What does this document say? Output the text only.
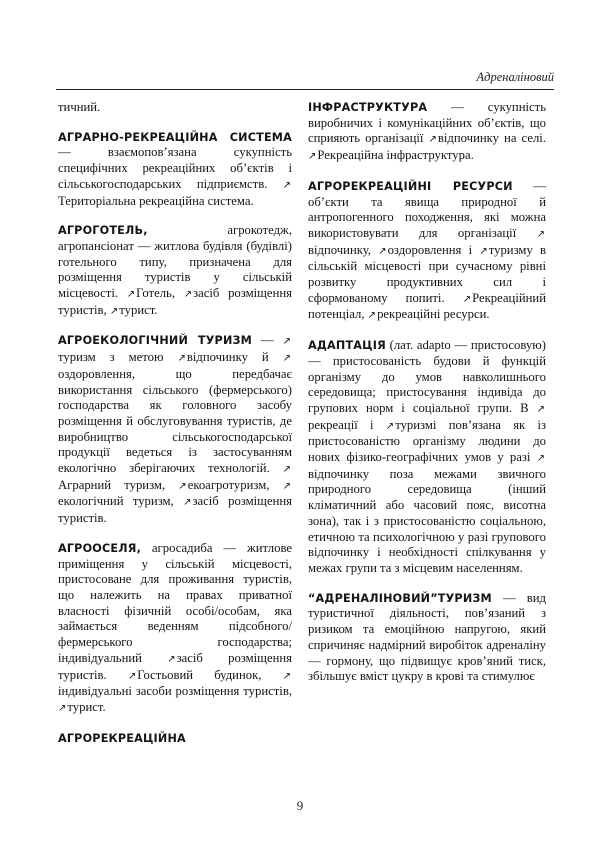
Адреналіновий

тичний.

АГРАРНО-РЕКРЕАЦІЙНА СИСТЕМА — взаємопов’язана сукупність специфічних рекреаційних об’єктів і сільськогосподарських підприємств. ↗Територіальна рекреаційна система.

АГРОГОТЕЛЬ, агрокотедж, агропансіонат — житлова будівля (будівлі) готельного типу, призначена для розміщення туристів у сільській місцевості. ↗Готель, ↗засіб розміщення туристів, ↗турист.

АГРОЕКОЛОГІЧНИЙ ТУРИЗМ — ↗туризм з метою ↗відпочинку й ↗оздоровлення, що передбачає використання сільського (фермерського) господарства як головного засобу розміщення й обслуговування туристів, де виробництво сільськогосподарської продукції ведеться із застосуванням екологічно зберігаючих технологій. ↗Аграрний туризм, ↗екоагротуризм, ↗екологічний туризм, ↗засіб розміщення туристів.

АГРООСЕЛЯ, агросадиба — житлове приміщення у сільській місцевості, пристосоване для проживання туристів, що належить на правах приватної власності фізичній особі/особам, яка займається веденням підсобного/фермерського господарства; індивідуальний ↗засіб розміщення туристів. ↗Гостьовий будинок, ↗індивідуальні засоби розміщення туристів, ↗турист.

АГРОРЕКРЕАЦІЙНА

ІНФРАСТРУКТУРА — сукупність виробничих і комунікаційних об’єктів, що сприяють організації ↗відпочинку на селі. ↗Рекреаційна інфраструктура.

АГРОРЕКРЕАЦІЙНІ РЕСУРСИ — об’єкти та явища природної й антропогенного походження, які можна використовувати для організації ↗відпочинку, ↗оздоровлення і ↗туризму в сільській місцевості при сучасному рівні розвитку продуктивних сил і сформованому попиті. ↗Рекреаційний потенціал, ↗рекреаційні ресурси.

АДАПТАЦІЯ (лат. adapto — пристосовую) — пристосованість будови й функцій організму до умов навколишнього середовища; пристосування індивіда до групових норм і соціальної групи. В ↗рекреації і ↗туризмі пов’язана як із пристосованістю організму людини до нових фізико-географічних умов у разі ↗відпочинку поза межами звичного природного середовища (інший кліматичний або часовий пояс, висотна зона), так і з пристосованістю соціальною, етичною та психологічною у разі групового відпочинку і необхідності спілкування у межах групи та з місцевим населенням.

“АДРЕНАЛІНОВИЙ”ТУРИЗМ — вид туристичної діяльності, пов’язаний з ризиком та емоційною напругою, який спричиняє надмірний виробіток адреналіну — гормону, що підвищує кров’яний тиск, збільшує вміст цукру в крові та стимулює

9
